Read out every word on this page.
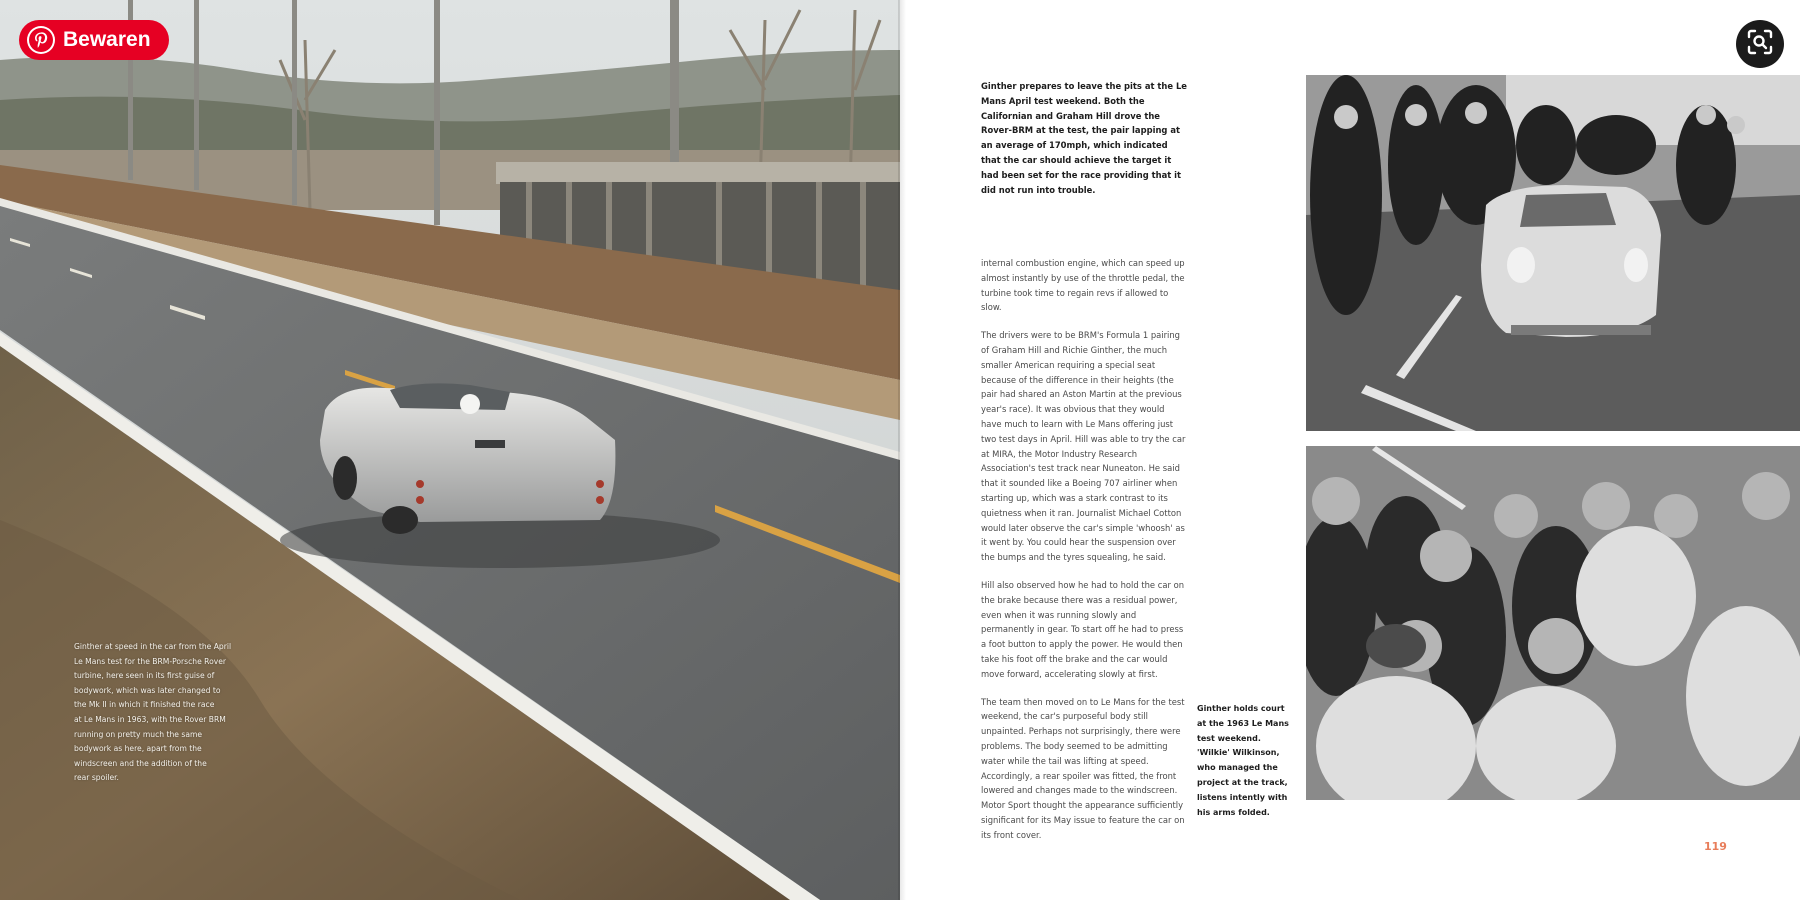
Ginther at speed in the car from the April
Le Mans test for the BRM-Porsche Rover
turbine, here seen in its first guise of
bodywork, which was later changed to
the Mk II in which it finished the race
at Le Mans in 1963, with the Rover BRM
running on pretty much the same
bodywork as here, apart from the
windscreen and the addition of the
rear spoiler.
Ginther prepares to leave the pits at the Le Mans April test weekend. Both the Californian and Graham Hill drove the Rover-BRM at the test, the pair lapping at an average of 170mph, which indicated that the car should achieve the target it had been set for the race providing that it did not run into trouble.

internal combustion engine, which can speed up almost instantly by use of the throttle pedal, the turbine took time to regain revs if allowed to slow.

The drivers were to be BRM's Formula 1 pairing of Graham Hill and Richie Ginther, the much smaller American requiring a special seat because of the difference in their heights (the pair had shared an Aston Martin at the previous year's race). It was obvious that they would have much to learn with Le Mans offering just two test days in April. Hill was able to try the car at MIRA, the Motor Industry Research Association's test track near Nuneaton. He said that it sounded like a Boeing 707 airliner when starting up, which was a stark contrast to its quietness when it ran. Journalist Michael Cotton would later observe the car's simple 'whoosh' as it went by. You could hear the suspension over the bumps and the tyres squealing, he said.

Hill also observed how he had to hold the car on the brake because there was a residual power, even when it was running slowly and permanently in gear. To start off he had to press a foot button to apply the power. He would then take his foot off the brake and the car would move forward, accelerating slowly at first.

The team then moved on to Le Mans for the test weekend, the car's purposeful body still unpainted. Perhaps not surprisingly, there were problems. The body seemed to be admitting water while the tail was lifting at speed. Accordingly, a rear spoiler was fitted, the front lowered and changes made to the windscreen. Motor Sport thought the appearance sufficiently significant for its May issue to feature the car on its front cover.

Ginther holds court at the 1963 Le Mans test weekend. 'Wilkie' Wilkinson, who managed the project at the track, listens intently with his arms folded.
119
Bewaren
